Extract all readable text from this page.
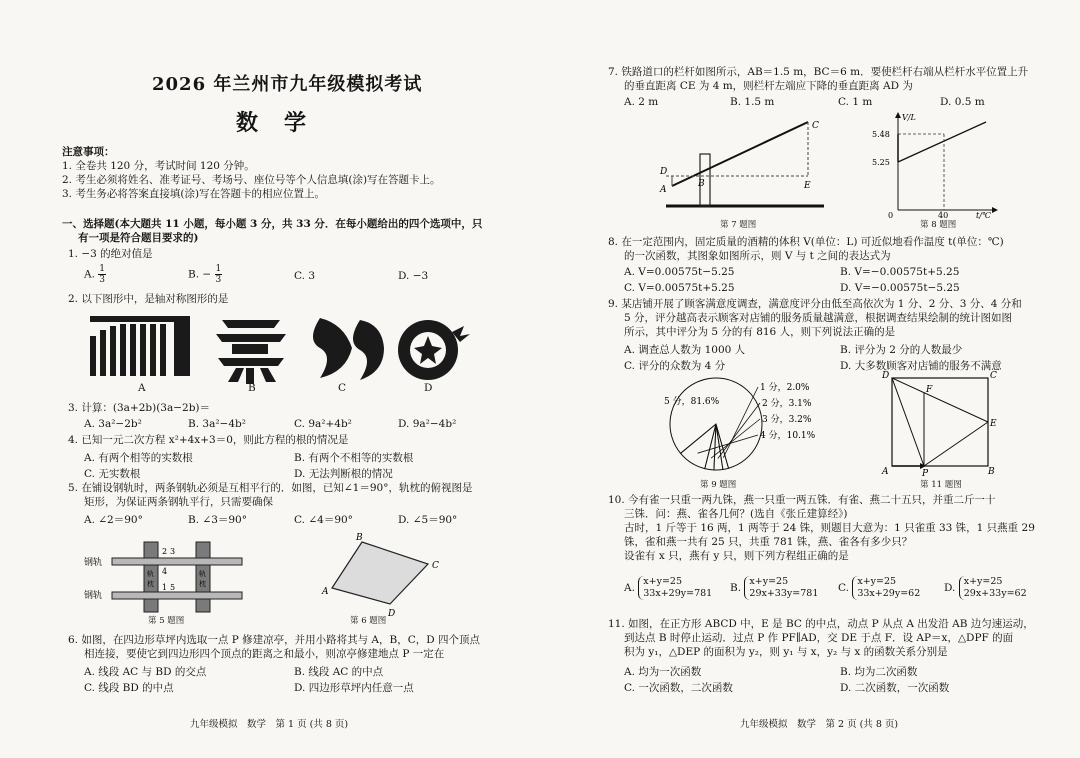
2026 年兰州市九年级模拟考试
数学
注意事项：
1. 全卷共 120 分，考试时间 120 分钟。
2. 考生必须将姓名、准考证号、考场号、座位号等个人信息填(涂)写在答题卡上。
3. 考生务必将答案直接填(涂)写在答题卡的相应位置上。
一、选择题(本大题共 11 小题，每小题 3 分，共 33 分．在每小题给出的四个选项中，只
有一项是符合题目要求的)
1. −3 的绝对值是
A. $\frac{1}{3}$	B. − $\frac{1}{3}$	C. 3	D. −3
2. 以下图形中，是轴对称图形的是
A	B	C	D
3. 计算：(3a+2b)(3a−2b)＝
A. 3a²−2b²	B. 3a²−4b²	C. 9a²+4b²	D. 9a²−4b²
4. 已知一元二次方程 x²+4x+3＝0，则此方程的根的情况是
A. 有两个相等的实数根	B. 有两个不相等的实数根
C. 无实数根	D. 无法判断根的情况
5. 在铺设钢轨时，两条钢轨必须是互相平行的．如图，已知∠1＝90°，轨枕的俯视图是
矩形，为保证两条钢轨平行，只需要确保
A. ∠2＝90°	B. ∠3＝90°	C. ∠4＝90°	D. ∠5＝90°
钢轨
钢轨
轨
枕
轨
枕
3
2
4
1 5
第 5 题图
A
B
C
D
第 6 题图
6. 如图，在四边形草坪内选取一点 P 修建凉亭，并用小路将其与 A，B，C，D 四个顶点
相连接，要使它到四边形四个顶点的距离之和最小，则凉亭修建地点 P 一定在
A. 线段 AC 与 BD 的交点	B. 线段 AC 的中点
C. 线段 BD 的中点	D. 四边形草坪内任意一点
九年级模拟　数学　第 1 页 (共 8 页)
7. 铁路道口的栏杆如图所示，AB＝1.5 m，BC＝6 m．要使栏杆右端从栏杆水平位置上升
的垂直距离 CE 为 4 m，则栏杆左端应下降的垂直距离 AD 为
A. 2 m	B. 1.5 m	C. 1 m	D. 0.5 m
C
D
A
B	E
第 7 题图
V/L
5.48
5.25
0	40	t/℃
第 8 题图
8. 在一定范围内，固定质量的酒精的体积 V(单位：L) 可近似地看作温度 t(单位：℃)
的一次函数，其图象如图所示，则 V 与 t 之间的表达式为
A. V=0.00575t−5.25	B. V=−0.00575t+5.25
C. V=0.00575t+5.25	D. V=−0.00575t−5.25
9. 某店铺开展了顾客满意度调查，满意度评分由低至高依次为 1 分、2 分、3 分、4 分和
5 分，评分越高表示顾客对店铺的服务质量越满意，根据调查结果绘制的统计图如图
所示，其中评分为 5 分的有 816 人，则下列说法正确的是
A. 调查总人数为 1000 人	B. 评分为 2 分的人数最少
C. 评分的众数为 4 分	D. 大多数顾客对店铺的服务不满意
5 分，81.6%
1 分，2.0%
2 分，3.1%
3 分，3.2%
4 分，10.1%
第 9 题图
D	C
F
E
A	P	B
第 11 题图
10. 今有雀一只重一两九铢，燕一只重一两五铢．有雀、燕二十五只，并重二斤一十
三铢．问：燕、雀各几何？(选自《张丘建算经》)
古时，1 斤等于 16 两，1 两等于 24 铢，则题目大意为：1 只雀重 33 铢，1 只燕重 29
铢，雀和燕一共有 25 只，共重 781 铢，燕、雀各有多少只？
设雀有 x 只，燕有 y 只，则下列方程组正确的是
A. x+y=25
33x+29y=781 B. x+y=25
29x+33y=781 C. x+y=25
33x+29y=62 D. x+y=25
29x+33y=62
11. 如图，在正方形 ABCD 中，E 是 BC 的中点，动点 P 从点 A 出发沿 AB 边匀速运动，
到达点 B 时停止运动．过点 P 作 PF∥AD，交 DE 于点 F．设 AP＝x，△DPF 的面
积为 y₁，△DEP 的面积为 y₂，则 y₁ 与 x，y₂ 与 x 的函数关系分别是
A. 均为一次函数	B. 均为二次函数
C. 一次函数，二次函数	D. 二次函数，一次函数
九年级模拟　数学　第 2 页 (共 8 页)
